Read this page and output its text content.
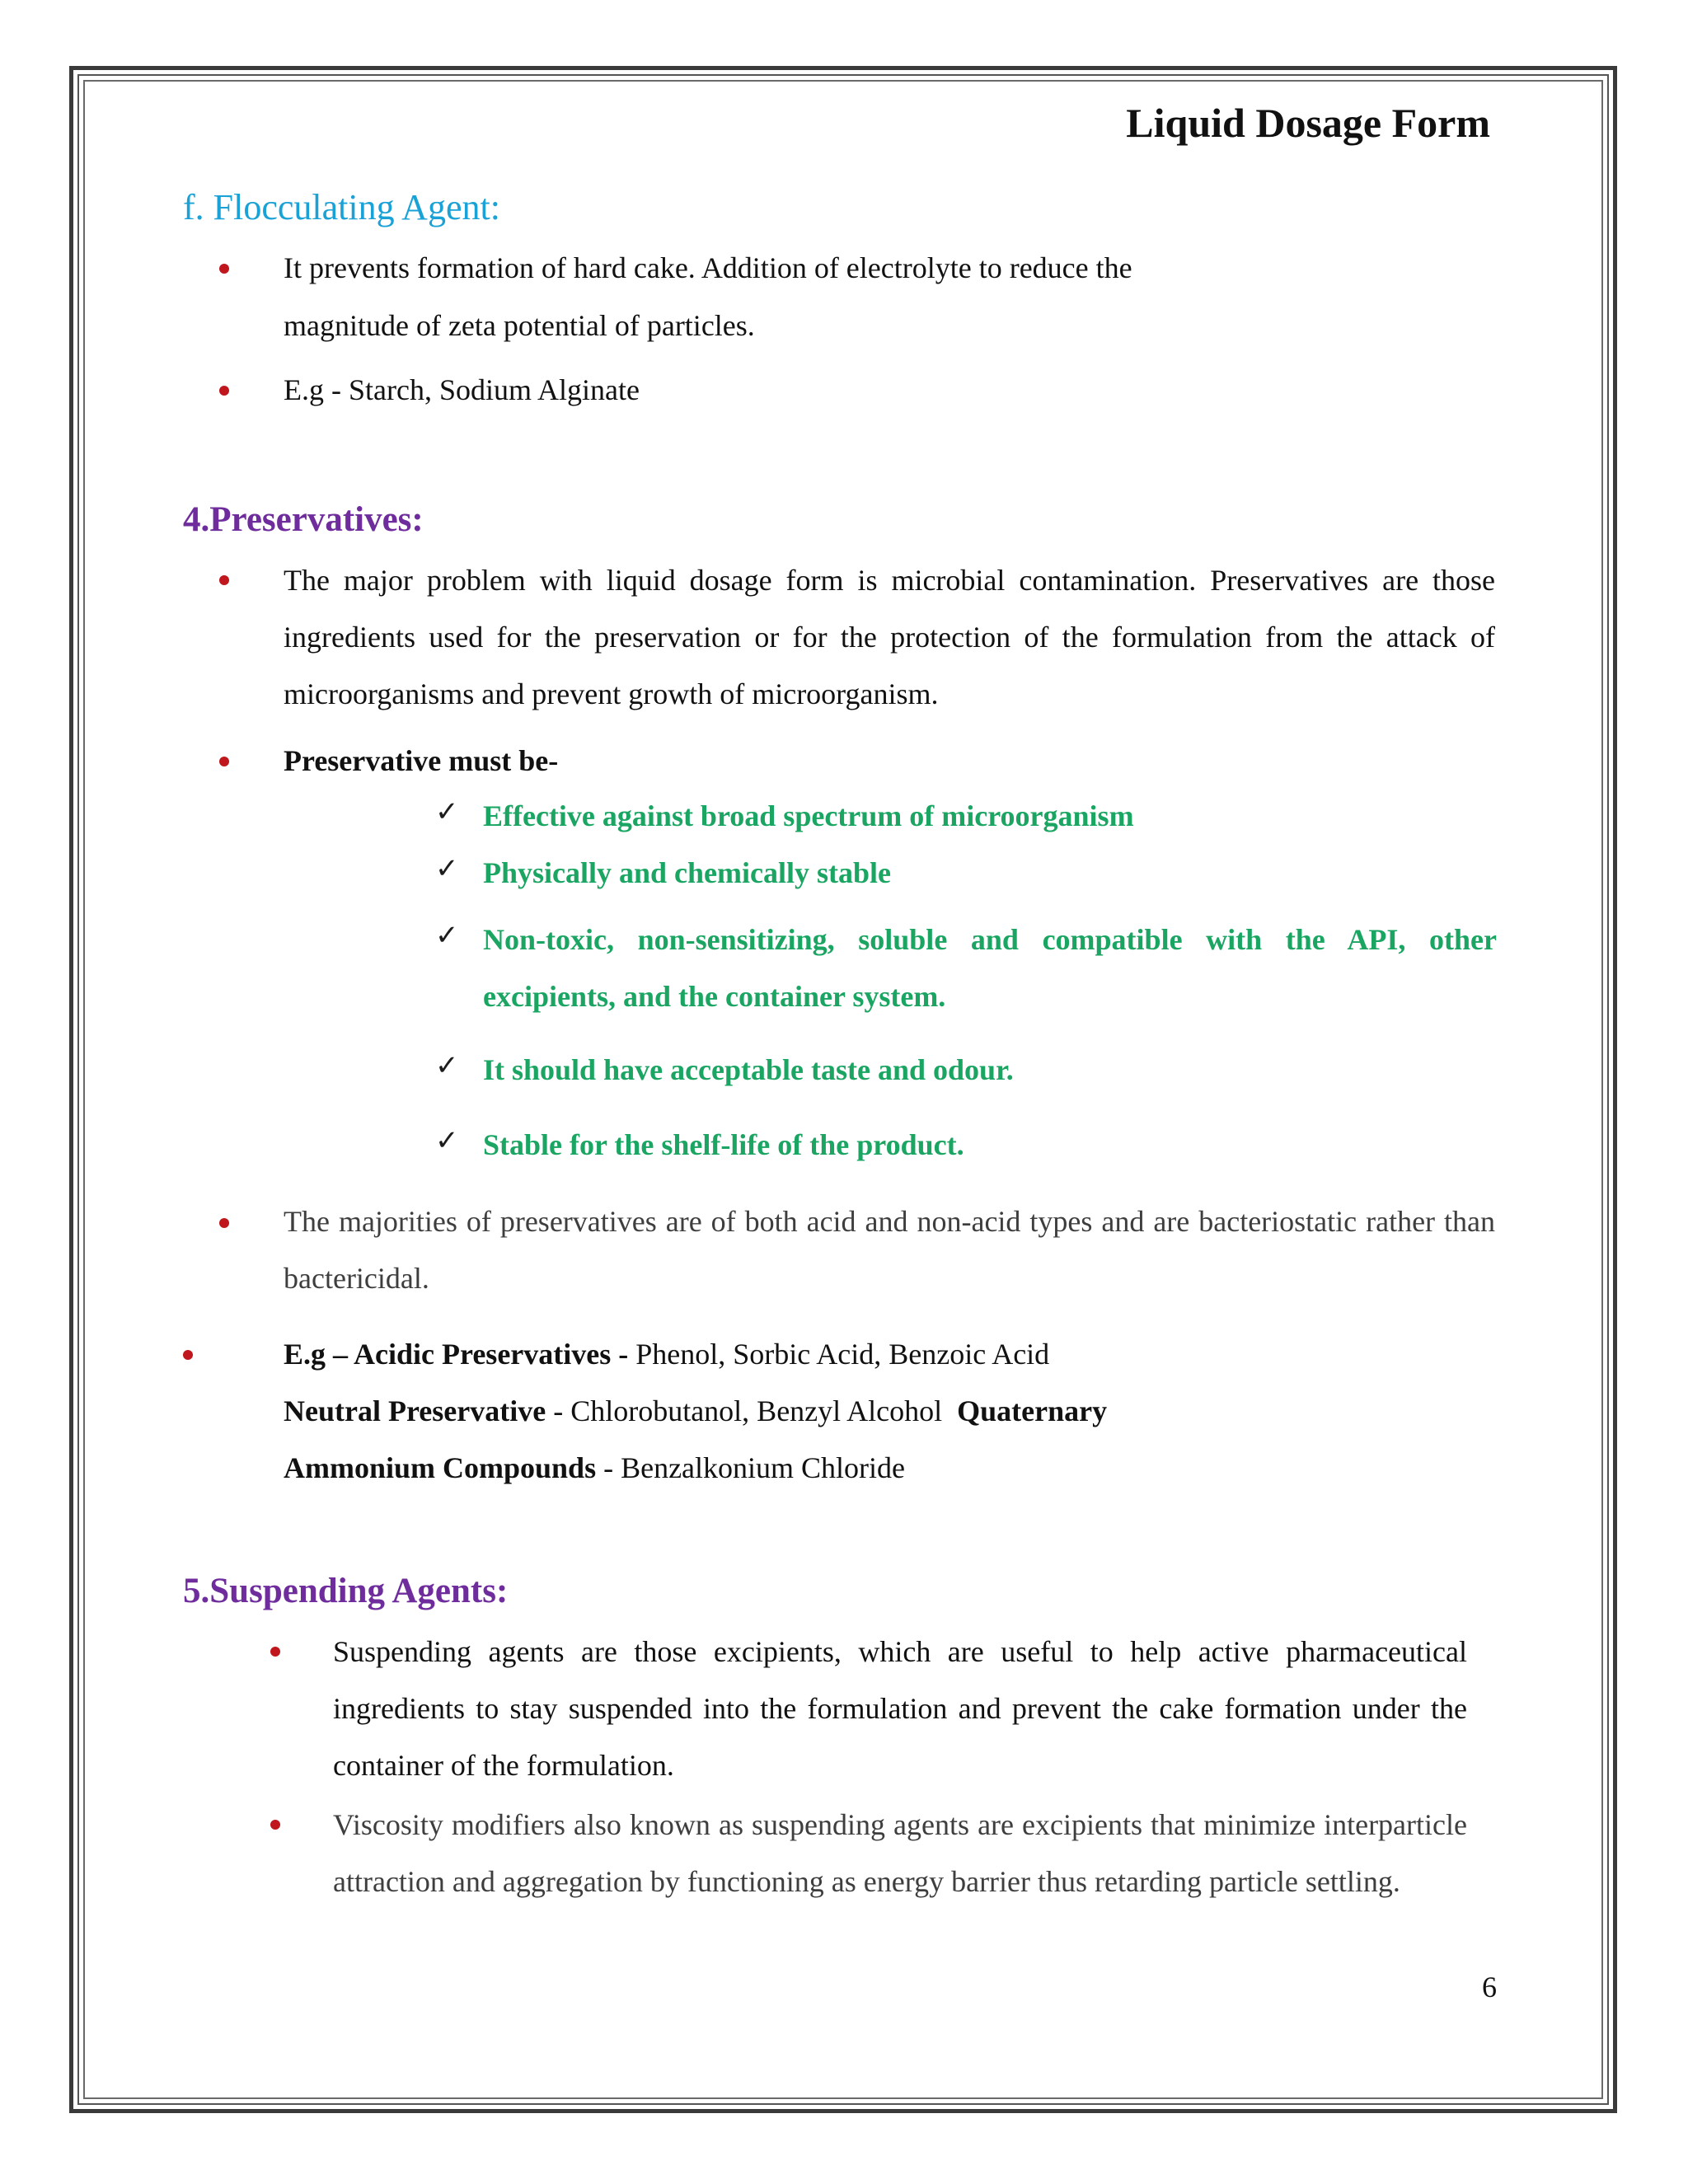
Liquid Dosage Form
f. Flocculating Agent:
It prevents formation of hard cake. Addition of electrolyte to reduce the
magnitude of zeta potential of particles.
E.g - Starch, Sodium Alginate
4.Preservatives:
The major problem with liquid dosage form is microbial contamination. Preservatives are those ingredients used for the preservation or for the protection of the formulation from the attack of microorganisms and prevent growth of microorganism.
Preservative must be-
✓ Effective against broad spectrum of microorganism
✓ Physically and chemically stable
✓ Non-toxic, non-sensitizing, soluble and compatible with the API, other excipients, and the container system.
✓ It should have acceptable taste and odour.
✓ Stable for the shelf-life of the product.
The majorities of preservatives are of both acid and non-acid types and are bacteriostatic rather than bactericidal.
E.g – Acidic Preservatives - Phenol, Sorbic Acid, Benzoic Acid
Neutral Preservative - Chlorobutanol, Benzyl Alcohol  Quaternary
Ammonium Compounds - Benzalkonium Chloride
5.Suspending Agents:
Suspending agents are those excipients, which are useful to help active pharmaceutical ingredients to stay suspended into the formulation and prevent the cake formation under the container of the formulation.
Viscosity modifiers also known as suspending agents are excipients that minimize interparticle attraction and aggregation by functioning as energy barrier thus retarding particle settling.
6
